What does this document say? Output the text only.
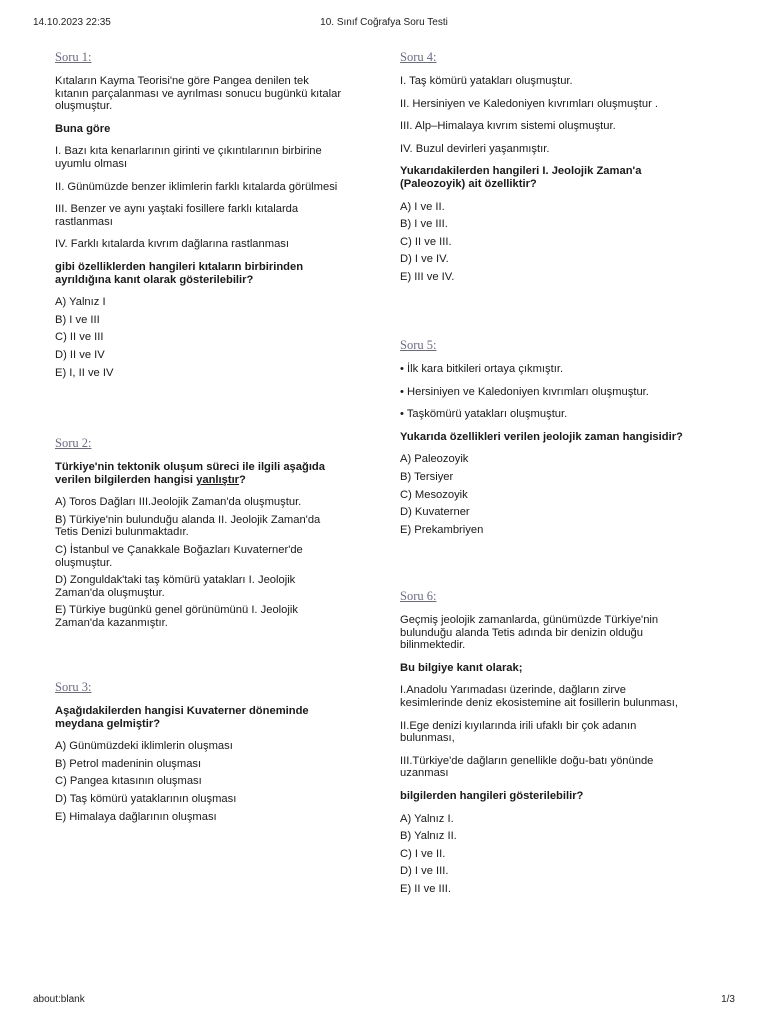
14.10.2023 22:35	10. Sınıf Coğrafya Soru Testi
Soru 1:
Kıtaların Kayma Teorisi'ne göre Pangea denilen tek kıtanın parçalanması ve ayrılması sonucu bugünkü kıtalar oluşmuştur.
Buna göre
I. Bazı kıta kenarlarının girinti ve çıkıntılarının birbirine uyumlu olması
II. Günümüzde benzer iklimlerin farklı kıtalarda görülmesi
III. Benzer ve aynı yaştaki fosillere farklı kıtalarda rastlanması
IV. Farklı kıtalarda kıvrım dağlarına rastlanması
gibi özelliklerden hangileri kıtaların birbirinden ayrıldığına kanıt olarak gösterilebilir?
A) Yalnız I
B) I ve III
C) II ve III
D) II ve IV
E) I, II ve IV
Soru 2:
Türkiye'nin tektonik oluşum süreci ile ilgili aşağıda verilen bilgilerden hangisi yanlıştır?
A) Toros Dağları III.Jeolojik Zaman'da oluşmuştur.
B) Türkiye'nin bulunduğu alanda II. Jeolojik Zaman'da Tetis Denizi bulunmaktadır.
C) İstanbul ve Çanakkale Boğazları Kuvaterner'de oluşmuştur.
D) Zonguldak'taki taş kömürü yatakları I. Jeolojik Zaman'da oluşmuştur.
E) Türkiye bugünkü genel görünümünü I. Jeolojik Zaman'da kazanmıştır.
Soru 3:
Aşağıdakilerden hangisi Kuvaterner döneminde meydana gelmiştir?
A) Günümüzdeki iklimlerin oluşması
B) Petrol madeninin oluşması
C) Pangea kıtasının oluşması
D) Taş kömürü yataklarının oluşması
E) Himalaya dağlarının oluşması
Soru 4:
I. Taş kömürü yatakları oluşmuştur.
II. Hersiniyen ve Kaledoniyen kıvrımları oluşmuştur .
III. Alp–Himalaya kıvrım sistemi oluşmuştur.
IV. Buzul devirleri yaşanmıştır.
Yukarıdakilerden hangileri I. Jeolojik Zaman'a (Paleozoyik) ait özelliktir?
A) I ve II.
B) I ve III.
C) II ve III.
D) I ve IV.
E) III ve IV.
Soru 5:
• İlk kara bitkileri ortaya çıkmıştır.
• Hersiniyen ve Kaledoniyen kıvrımları oluşmuştur.
• Taşkömürü yatakları oluşmuştur.
Yukarıda özellikleri verilen jeolojik zaman hangisidir?
A) Paleozoyik
B) Tersiyer
C) Mesozoyik
D) Kuvaterner
E) Prekambriyen
Soru 6:
Geçmiş jeolojik zamanlarda, günümüzde Türkiye'nin bulunduğu alanda Tetis adında bir denizin olduğu bilinmektedir.
Bu bilgiye kanıt olarak;
I.Anadolu Yarımadası üzerinde, dağların zirve kesimlerinde deniz ekosistemine ait fosillerin bulunması,
II.Ege denizi kıyılarında irili ufaklı bir çok adanın bulunması,
III.Türkiye'de dağların genellikle doğu-batı yönünde uzanması
bilgilerden hangileri gösterilebilir?
A) Yalnız I.
B) Yalnız II.
C) I ve II.
D) I ve III.
E) II ve III.
about:blank	1/3
